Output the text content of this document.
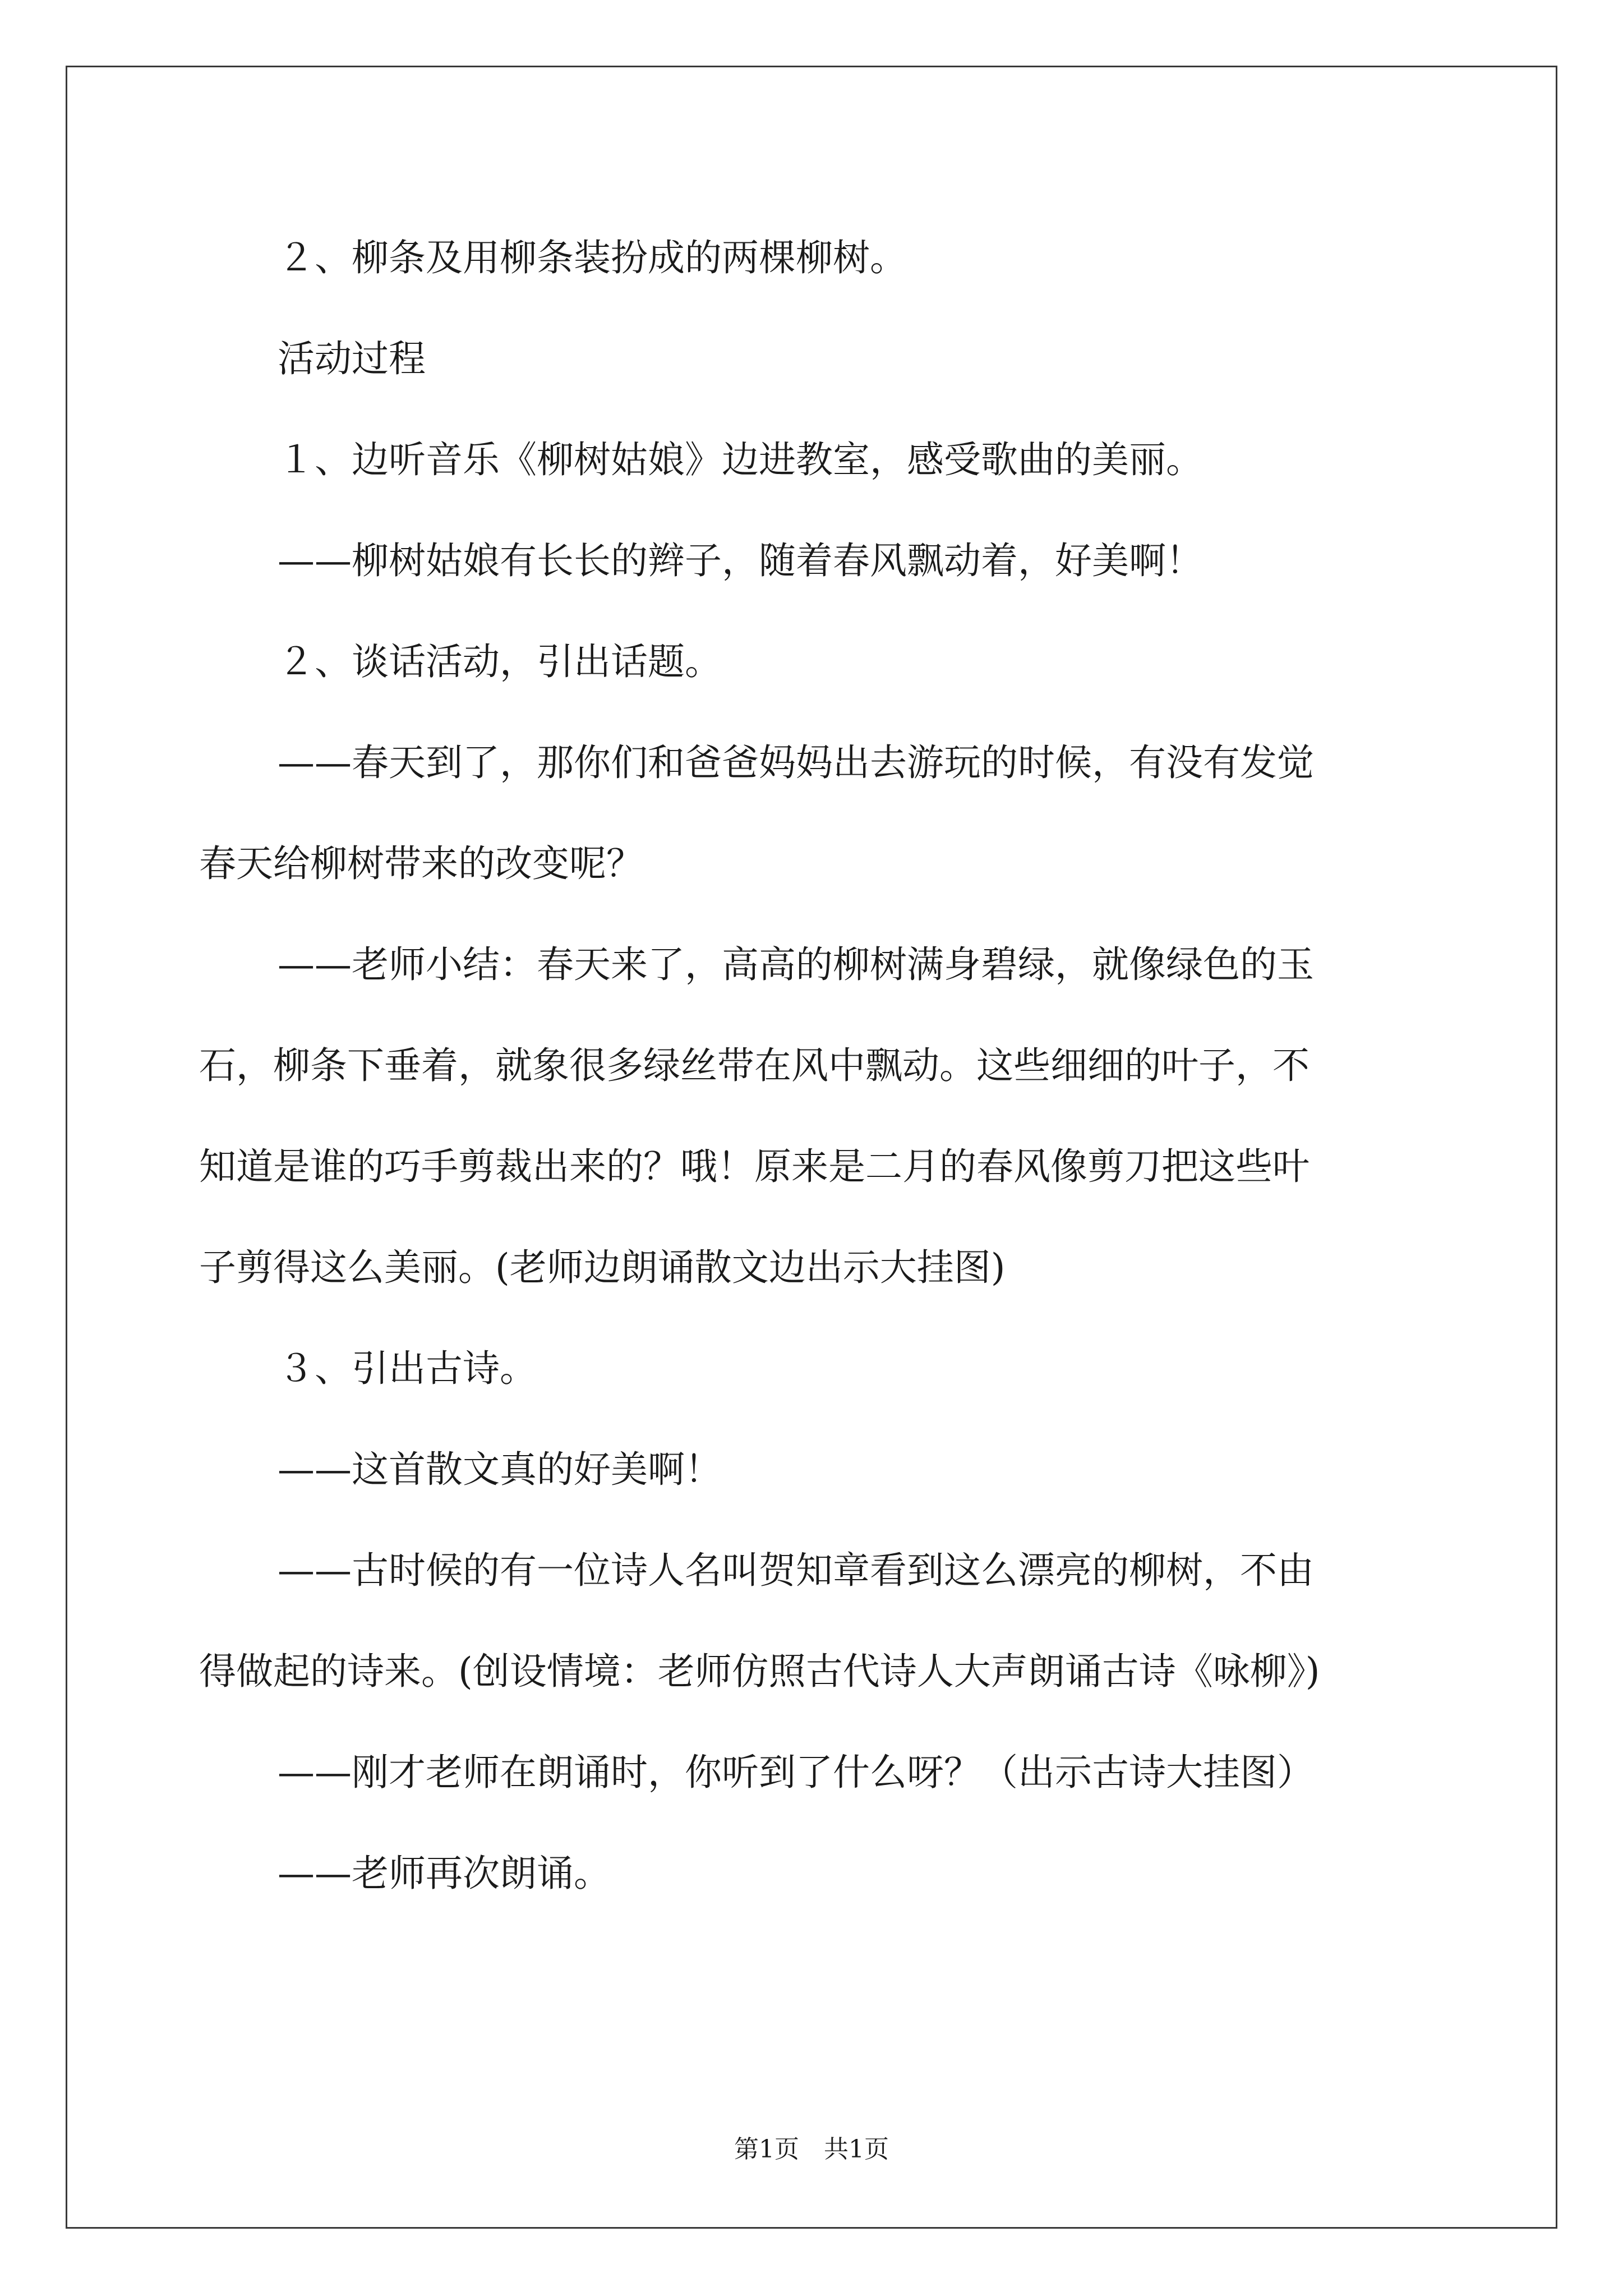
２、柳条及用柳条装扮成的两棵柳树。

活动过程

１、边听音乐《柳树姑娘》边进教室，感受歌曲的美丽。

——柳树姑娘有长长的辫子，随着春风飘动着，好美啊！

２、谈话活动，引出话题。

——春天到了，那你们和爸爸妈妈出去游玩的时候，有没有发觉

春天给柳树带来的改变呢？

——老师小结：春天来了，高高的柳树满身碧绿，就像绿色的玉

石，柳条下垂着，就象很多绿丝带在风中飘动。这些细细的叶子，不

知道是谁的巧手剪裁出来的？哦！原来是二月的春风像剪刀把这些叶

子剪得这么美丽。(老师边朗诵散文边出示大挂图)

３、引出古诗。

——这首散文真的好美啊！

——古时候的有一位诗人名叫贺知章看到这么漂亮的柳树，不由

得做起的诗来。(创设情境：老师仿照古代诗人大声朗诵古诗《咏柳》)

——刚才老师在朗诵时，你听到了什么呀？（出示古诗大挂图）

——老师再次朗诵。

第1页　共1页
